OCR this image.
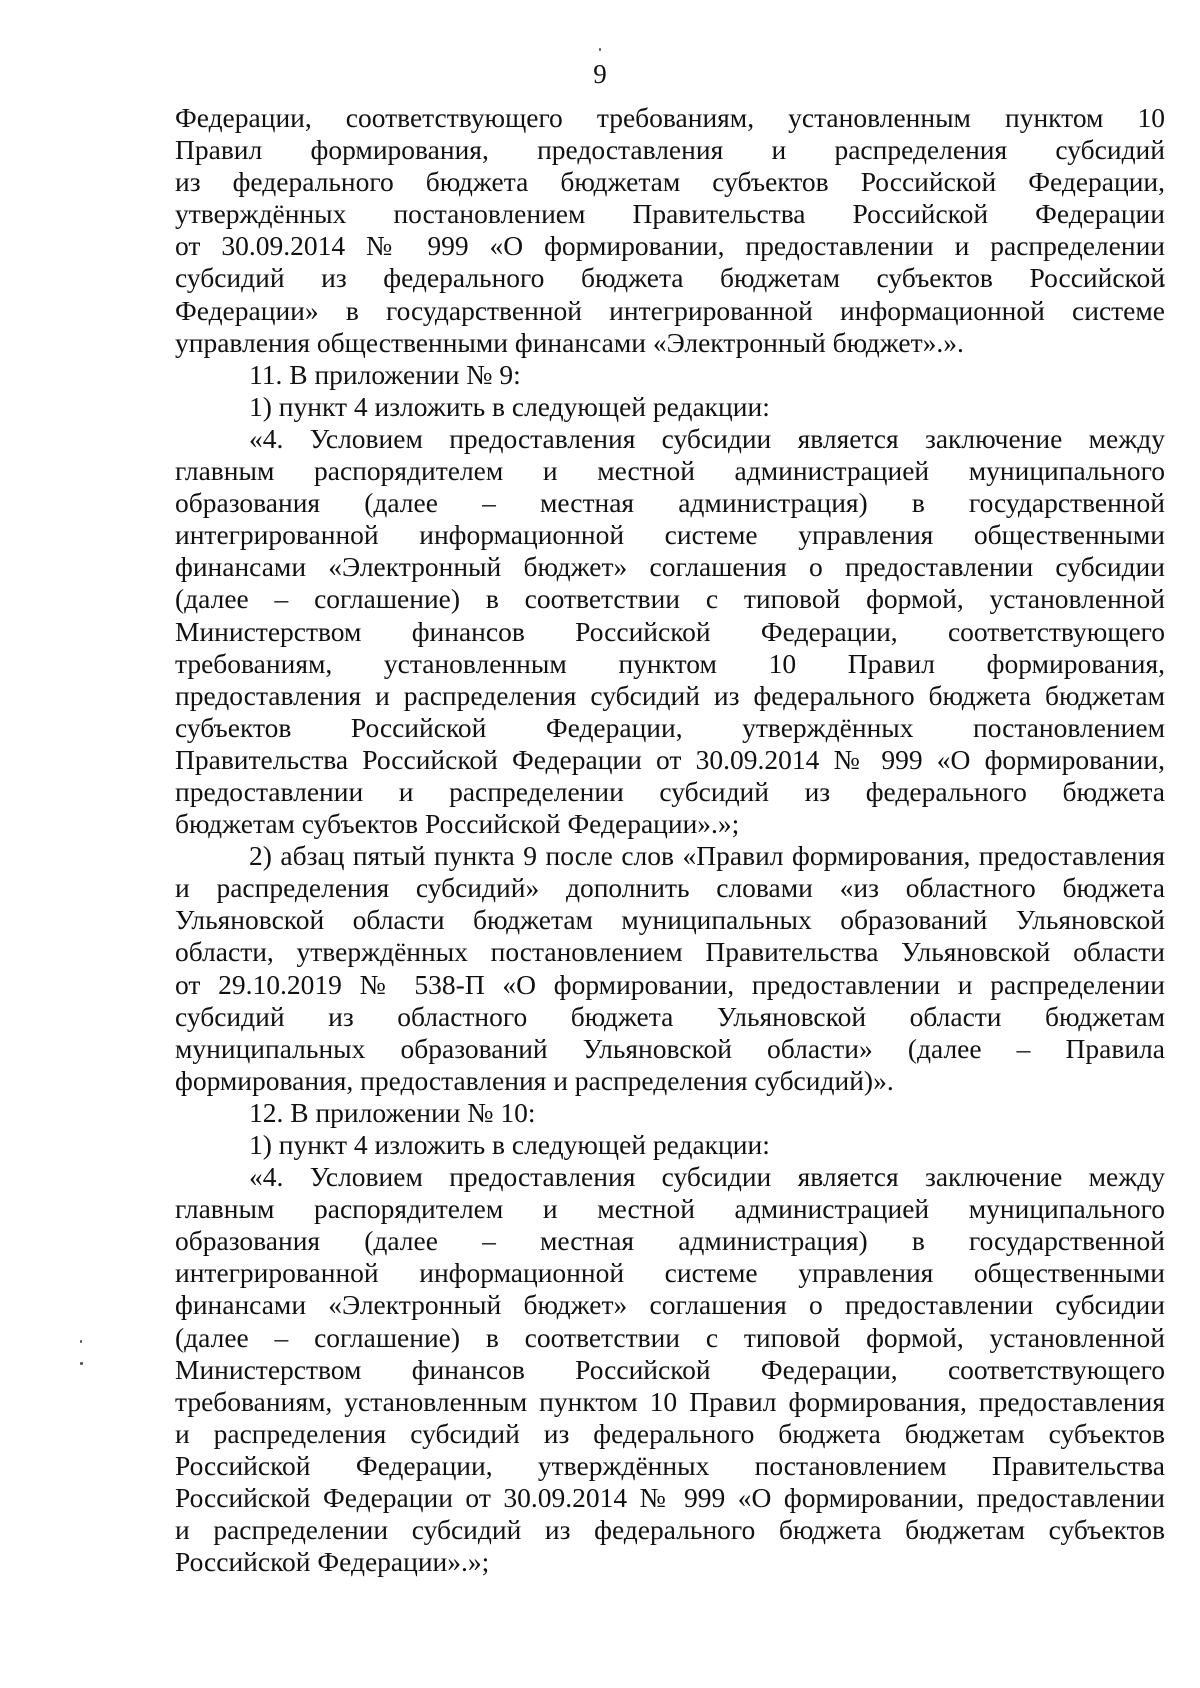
9

Федерации, соответствующего требованиям, установленным пунктом 10

Правил формирования, предоставления и распределения субсидий

из федерального бюджета бюджетам субъектов Российской Федерации,

утверждённых постановлением Правительства Российской Федерации

от 30.09.2014 № 999 «О формировании, предоставлении и распределении

субсидий из федерального бюджета бюджетам субъектов Российской

Федерации» в государственной интегрированной информационной системе

управления общественными финансами «Электронный бюджет».».

11. В приложении № 9:

1) пункт 4 изложить в следующей редакции:

«4. Условием предоставления субсидии является заключение между

главным распорядителем и местной администрацией муниципального

образования (далее – местная администрация) в государственной

интегрированной информационной системе управления общественными

финансами «Электронный бюджет» соглашения о предоставлении субсидии

(далее – соглашение) в соответствии с типовой формой, установленной

Министерством финансов Российской Федерации, соответствующего

требованиям, установленным пунктом 10 Правил формирования,

предоставления и распределения субсидий из федерального бюджета бюджетам

субъектов Российской Федерации, утверждённых постановлением

Правительства Российской Федерации от 30.09.2014 № 999 «О формировании,

предоставлении и распределении субсидий из федерального бюджета

бюджетам субъектов Российской Федерации».»;

2) абзац пятый пункта 9 после слов «Правил формирования, предоставления

и распределения субсидий» дополнить словами «из областного бюджета

Ульяновской области бюджетам муниципальных образований Ульяновской

области, утверждённых постановлением Правительства Ульяновской области

от 29.10.2019 № 538-П «О формировании, предоставлении и распределении

субсидий из областного бюджета Ульяновской области бюджетам

муниципальных образований Ульяновской области» (далее – Правила

формирования, предоставления и распределения субсидий)».

12. В приложении № 10:

1) пункт 4 изложить в следующей редакции:

«4. Условием предоставления субсидии является заключение между

главным распорядителем и местной администрацией муниципального

образования (далее – местная администрация) в государственной

интегрированной информационной системе управления общественными

финансами «Электронный бюджет» соглашения о предоставлении субсидии

(далее – соглашение) в соответствии с типовой формой, установленной

Министерством финансов Российской Федерации, соответствующего

требованиям, установленным пунктом 10 Правил формирования, предоставления

и распределения субсидий из федерального бюджета бюджетам субъектов

Российской Федерации, утверждённых постановлением Правительства

Российской Федерации от 30.09.2014 № 999 «О формировании, предоставлении

и распределении субсидий из федерального бюджета бюджетам субъектов

Российской Федерации».»;
